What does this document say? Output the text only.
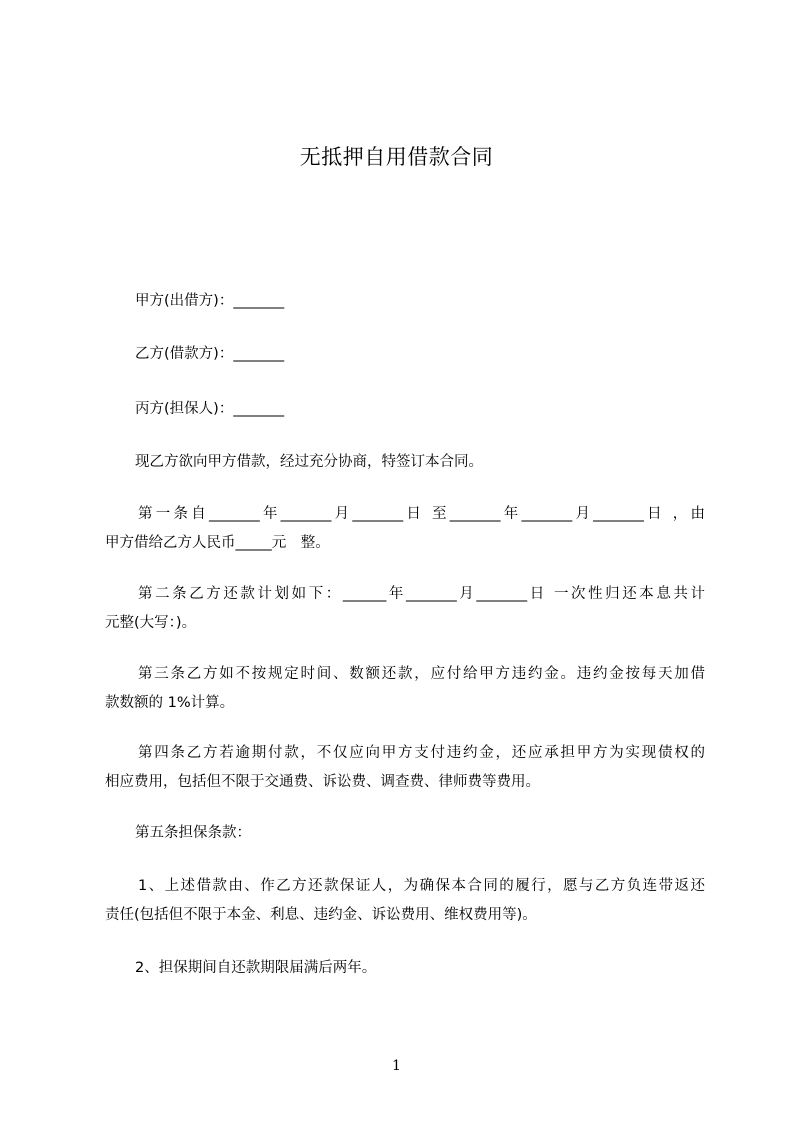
无抵押自用借款合同
甲方(出借方)：_______
乙方(借款方)：_______
丙方(担保人)：_______
现乙方欲向甲方借款，经过充分协商，特签订本合同。
第一条自_______年_______月_______日 至_______年_______月_______日 ，由
甲方借给乙方人民币_____元　整。
第二条乙方还款计划如下：______年_______月_______日 一次性归还本息共计
元整(大写：)。
第三条乙方如不按规定时间、数额还款，应付给甲方违约金。违约金按每天加借
款数额的 1%计算。
第四条乙方若逾期付款，不仅应向甲方支付违约金，还应承担甲方为实现债权的
相应费用，包括但不限于交通费、诉讼费、调查费、律师费等费用。
第五条担保条款：
1、上述借款由、作乙方还款保证人，为确保本合同的履行，愿与乙方负连带返还
责任(包括但不限于本金、利息、违约金、诉讼费用、维权费用等)。
2、担保期间自还款期限届满后两年。
1
